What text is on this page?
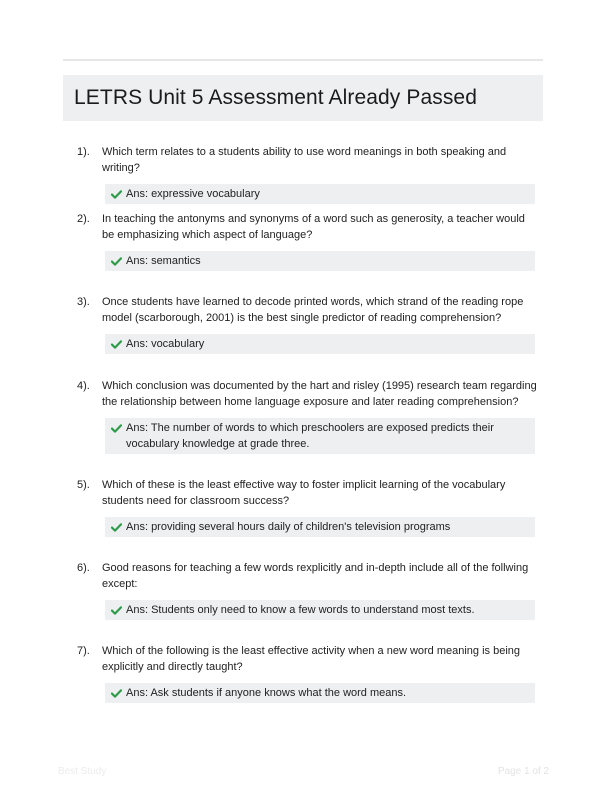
LETRS Unit 5 Assessment Already Passed
1). Which term relates to a students ability to use word meanings in both speaking and writing?
Ans: expressive vocabulary
2). In teaching the antonyms and synonyms of a word such as generosity, a teacher would be emphasizing which aspect of language?
Ans: semantics
3). Once students have learned to decode printed words, which strand of the reading rope model (scarborough, 2001) is the best single predictor of reading comprehension?
Ans: vocabulary
4). Which conclusion was documented by the hart and risley (1995) research team regarding the relationship between home language exposure and later reading comprehension?
Ans: The number of words to which preschoolers are exposed predicts their vocabulary knowledge at grade three.
5). Which of these is the least effective way to foster implicit learning of the vocabulary students need for classroom success?
Ans: providing several hours daily of children's television programs
6). Good reasons for teaching a few words rexplicitly and in-depth include all of the follwing except:
Ans: Students only need to know a few words to understand most texts.
7). Which of the following is the least effective activity when a new word meaning is being explicitly and directly taught?
Ans: Ask students if anyone knows what the word means.
Best Study	Page 1 of 2
